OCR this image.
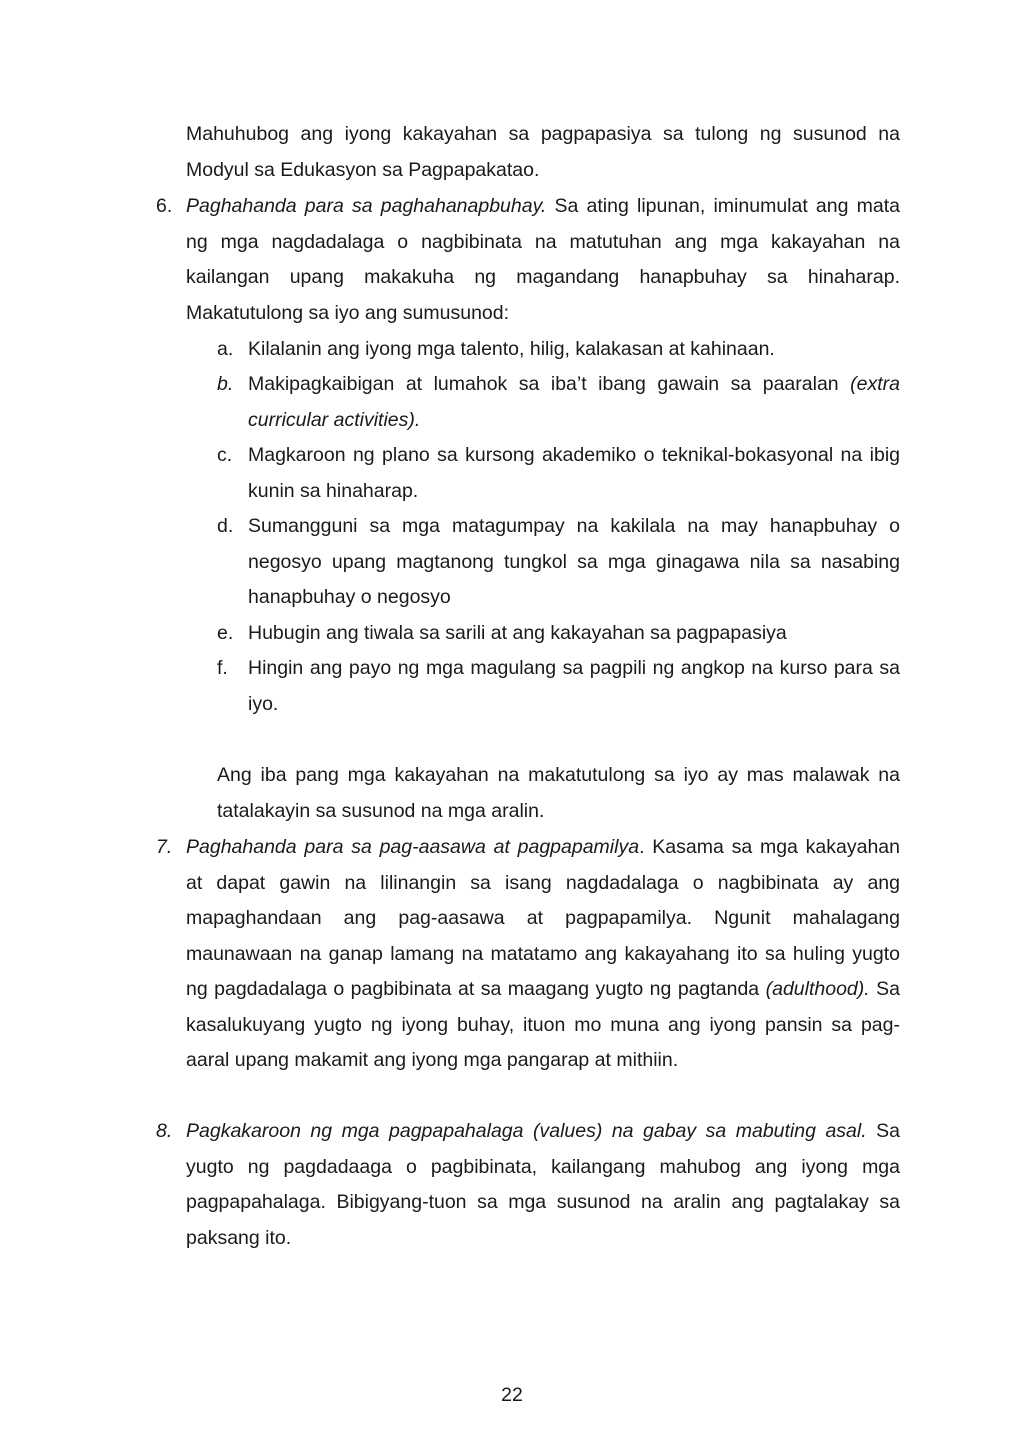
Mahuhubog ang iyong kakayahan sa pagpapasiya sa tulong ng susunod na Modyul sa Edukasyon sa Pagpapakatao.
6. Paghahanda para sa paghahanapbuhay. Sa ating lipunan, iminumulat ang mata ng mga nagdadalaga o nagbibinata na matutuhan ang mga kakayahan na kailangan upang makakuha ng magandang hanapbuhay sa hinaharap. Makatutulong sa iyo ang sumusunod:
a. Kilalanin ang iyong mga talento, hilig, kalakasan at kahinaan.
b. Makipagkaibigan at lumahok sa iba’t ibang gawain sa paaralan (extra curricular activities).
c. Magkaroon ng plano sa kursong akademiko o teknikal-bokasyonal na ibig kunin sa hinaharap.
d. Sumangguni sa mga matagumpay na kakilala na may hanapbuhay o negosyo upang magtanong tungkol sa mga ginagawa nila sa nasabing hanapbuhay o negosyo
e. Hubugin ang tiwala sa sarili at ang kakayahan sa pagpapasiya
f. Hingin ang payo ng mga magulang sa pagpili ng angkop na kurso para sa iyo.
Ang iba pang mga kakayahan na makatutulong sa iyo ay mas malawak na tatalakayin sa susunod na mga aralin.
7. Paghahanda para sa pag-aasawa at pagpapamilya. Kasama sa mga kakayahan at dapat gawin na lilinangin sa isang nagdadalaga o nagbibinata ay ang mapaghandaan ang pag-aasawa at pagpapamilya. Ngunit mahalagang maunawaan na ganap lamang na matatamo ang kakayahang ito sa huling yugto ng pagdadalaga o pagbibinata at sa maagang yugto ng pagtanda (adulthood). Sa kasalukuyang yugto ng iyong buhay, ituon mo muna ang iyong pansin sa pag-aaral upang makamit ang iyong mga pangarap at mithiin.
8. Pagkakaroon ng mga pagpapahalaga (values) na gabay sa mabuting asal. Sa yugto ng pagdadaaga o pagbibinata, kailangang mahubog ang iyong mga pagpapahalaga. Bibigyang-tuon sa mga susunod na aralin ang pagtalakay sa paksang ito.
22
